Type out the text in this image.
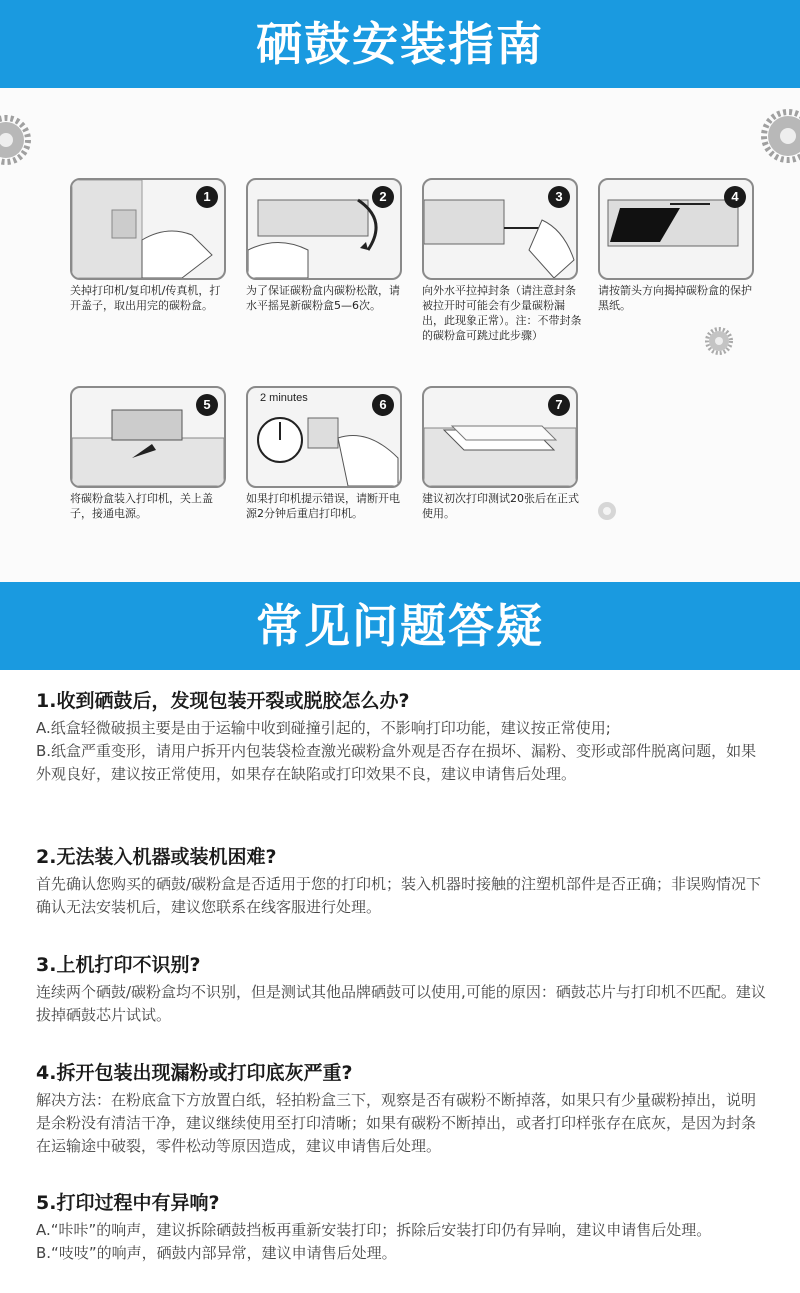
硒鼓安装指南
1
关掉打印机/复印机/传真机，打开盖子，取出用完的碳粉盒。
2
为了保证碳粉盒内碳粉松散，请水平摇晃新碳粉盒5—6次。
3
向外水平拉掉封条（请注意封条被拉开时可能会有少量碳粉漏出，此现象正常）。注：不带封条的碳粉盒可跳过此步骤）
4
请按箭头方向揭掉碳粉盒的保护黑纸。
5
将碳粉盒装入打印机，关上盖子，接通电源。
2 minutes	6
如果打印机提示错误，请断开电源2分钟后重启打印机。
7
建议初次打印测试20张后在正式使用。
常见问题答疑
1.收到硒鼓后，发现包装开裂或脱胶怎么办?
A.纸盒轻微破损主要是由于运输中收到碰撞引起的，不影响打印功能，建议按正常使用;
B.纸盒严重变形，请用户拆开内包装袋检查激光碳粉盒外观是否存在损坏、漏粉、变形或部件脱离问题，如果外观良好，建议按正常使用，如果存在缺陷或打印效果不良，建议申请售后处理。
2.无法装入机器或装机困难?
首先确认您购买的硒鼓/碳粉盒是否适用于您的打印机；装入机器时接触的注塑机部件是否正确；非误购情况下确认无法安装机后，建议您联系在线客服进行处理。
3.上机打印不识别?
连续两个硒鼓/碳粉盒均不识别，但是测试其他品牌硒鼓可以使用,可能的原因：硒鼓芯片与打印机不匹配。建议拔掉硒鼓芯片试试。
4.拆开包装出现漏粉或打印底灰严重?
解决方法：在粉底盒下方放置白纸，轻拍粉盒三下，观察是否有碳粉不断掉落，如果只有少量碳粉掉出，说明是余粉没有清洁干净，建议继续使用至打印清晰；如果有碳粉不断掉出，或者打印样张存在底灰，是因为封条在运输途中破裂，零件松动等原因造成，建议申请售后处理。
5.打印过程中有异响?
A.“咔咔”的响声，建议拆除硒鼓挡板再重新安装打印；拆除后安装打印仍有异响，建议申请售后处理。
B.“吱吱”的响声，硒鼓内部异常，建议申请售后处理。
